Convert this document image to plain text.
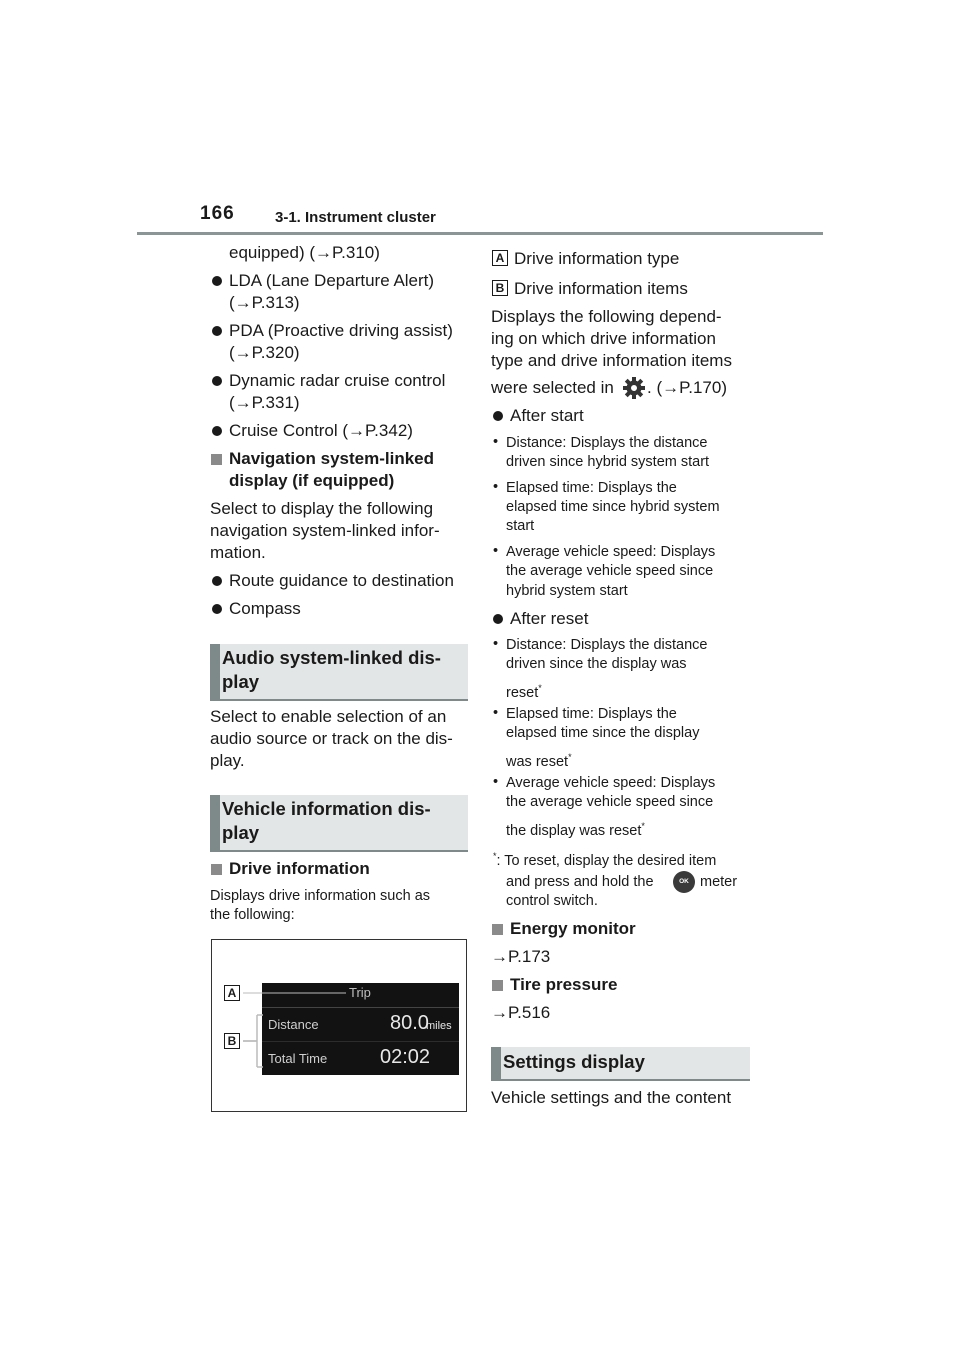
166	3-1. Instrument cluster
equipped) (→P.310)
LDA (Lane Departure Alert)
(→P.313)
PDA (Proactive driving assist)
(→P.320)
Dynamic radar cruise control
(→P.331)
Cruise Control (→P.342)
Navigation system-linked
display (if equipped)
Select to display the following
navigation system-linked infor-
mation.
Route guidance to destination
Compass
Audio system-linked dis-
play
Select to enable selection of an
audio source or track on the dis-
play.
Vehicle information dis-
play
Drive information
Displays drive information such as
the following:
Trip
Distance	80.0
miles
Total Time	02:02
A
B
A Drive information type
B Drive information items
Displays the following depend-
ing on which drive information
type and drive information items
were selected in . (→P.170)
After start
• Distance: Displays the distance
driven since hybrid system start
• Elapsed time: Displays the
elapsed time since hybrid system
start
• Average vehicle speed: Displays
the average vehicle speed since
hybrid system start
After reset
• Distance: Displays the distance
driven since the display was
reset*
• Elapsed time: Displays the
elapsed time since the display
was reset*
• Average vehicle speed: Displays
the average vehicle speed since
the display was reset*
*: To reset, display the desired item
and press and hold the	OK meter
control switch.
Energy monitor
→P.173
Tire pressure
→P.516
Settings display
Vehicle settings and the content
